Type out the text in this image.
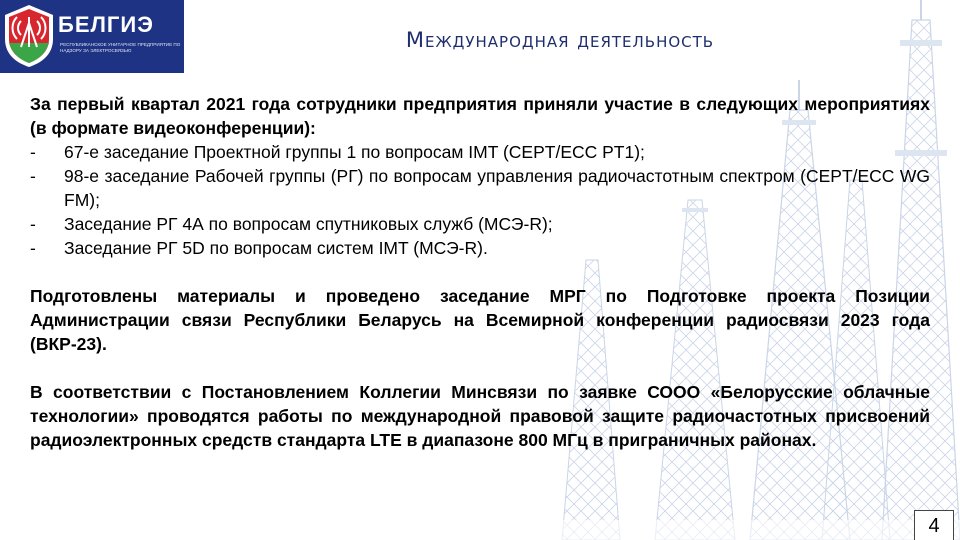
БЕЛГИЭ
РЕСПУБЛИКАНСКОЕ УНИТАРНОЕ ПРЕДПРИЯТИЕ ПО НАДЗОРУ ЗА ЭЛЕКТРОСВЯЗЬЮ	Международная деятельность

За первый квартал 2021 года сотрудники предприятия приняли участие в следующих мероприятиях (в формате видеоконференции):

- 67-е заседание Проектной группы 1 по вопросам IMT (CEPT/ECC PT1);
- 98-е заседание Рабочей группы (РГ) по вопросам управления радиочастотным спектром (CEPT/ECC WG FM);
- Заседание РГ 4А по вопросам спутниковых служб (МСЭ-R);
- Заседание РГ 5D по вопросам систем IMT (МСЭ-R).

Подготовлены материалы и проведено заседание МРГ по Подготовке проекта Позиции Администрации связи Республики Беларусь на Всемирной конференции радиосвязи 2023 года (ВКР-23).

В соответствии с Постановлением Коллегии Минсвязи по заявке СООО «Белорусские облачные технологии» проводятся работы по международной правовой защите радиочастотных присвоений радиоэлектронных средств стандарта LTE в диапазоне 800 МГц в приграничных районах.

4
